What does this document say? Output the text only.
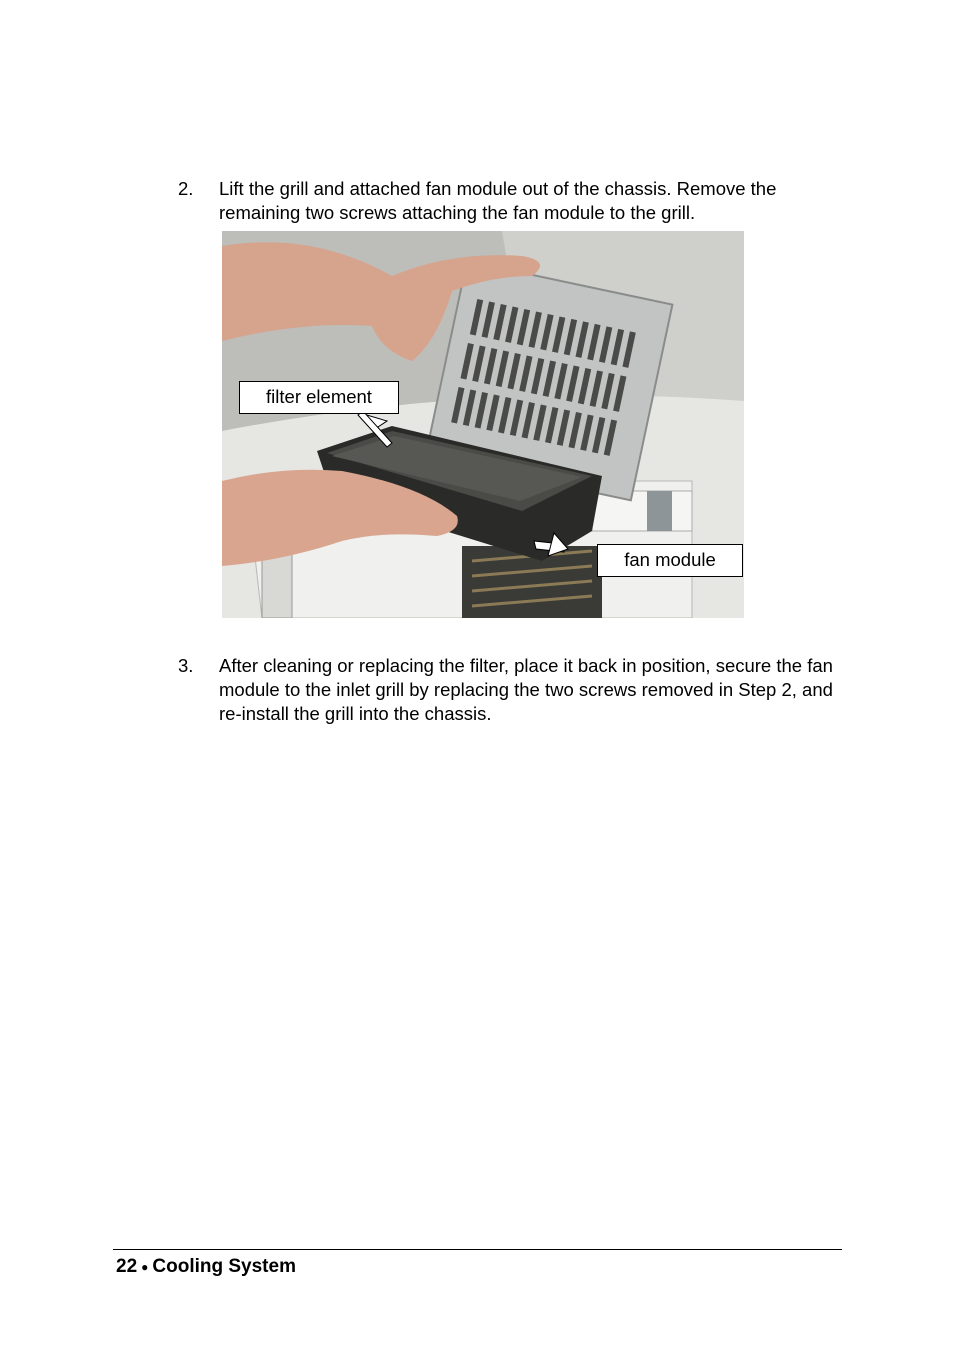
2. Lift the grill and attached fan module out of the chassis. Remove the remaining two screws attaching the fan module to the grill.
filter element
fan module
3. After cleaning or replacing the filter, place it back in position, secure the fan module to the inlet grill by replacing the two screws removed in Step 2, and re-install the grill into the chassis.
22 ● Cooling System
